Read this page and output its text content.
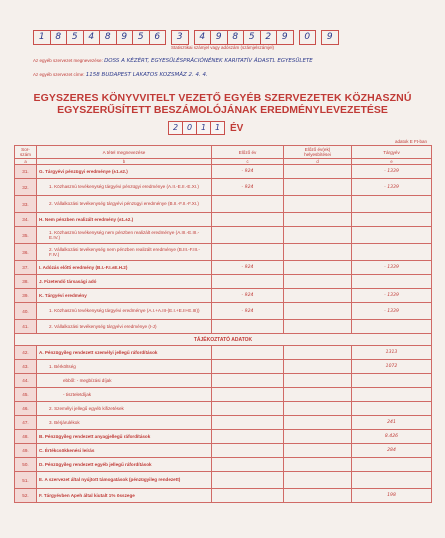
1	8	5	4	8	9	5	6	3	4	9	8	5	2	9	0	9
Statisztikai számjel vagy adószám (számjelszámjel)
Az egyéb szervezet megnevezése: DOSS A KÉZÉRT, EGYESÜLÉSPRÁCIÓNÉNEK KARITATÍV ÁDASTL EGYESÜLETE
Az egyéb szervezet címe: 1158 BUDAPEST LAKATOS KOZSMÁZ 2. 4. 4.
EGYSZERES KÖNYVVITELT VEZETŐ EGYÉB SZERVEZETEK KÖZHASZNÚ
EGYSZERŰSÍTETT BESZÁMOLÓJÁNAK EREDMÉNYLEVEZETÉSE
2	0	1	1 ÉV
adatok E Ft-ban
Sor-
szám	A tétel megnevezése	Előző év	Előző év(ek)
helyesbítései	Tárgyév
a	b	c	d	e
31.	G. Tárgyévi pénzügyi eredménye (±1.±2.)	- 924		- 1339
32.	1. Közhasznú tevékenység tárgyévi pénzügyi eredménye (A.II.-E.II.-E.XI.)	- 924		- 1339
33.	2. Vállalkozási tevékenység tárgyévi pénzügyi eredménye (B.II.-F.II.-F.XI.)			
34.	H. Nem pénzben realizált eredmény (±1.±2.)			
35.	1. Közhasznú tevékenység nem pénzben realizált eredménye (A.III.-E.III.-E.IV.)			
36.	2. Vállalkozási tevékenység nem pénzben realizált eredménye (B.III.-F.III.-F.IV.)			
37.	I. Adózás előtti eredmény (B.I.-F.I.±E.H.2)	- 924		- 1339
38.	J. Fizetendő társasági adó			
39.	K. Tárgyévi eredmény	- 924		- 1339
40.	1. Közhasznú tevékenység tárgyévi eredménye (A.I.+A.III-(E.I.+E.II+E.III))	- 924		- 1339
41.	2. Vállalkozási tevékenység tárgyévi eredménye (I-J)			
TÁJÉKOZTATÓ ADATOK				
42.	A. Pénzügyileg rendezett személyi jellegű ráfordítások			1313
43.	1. Bérköltség			1072
44.	ebből: - megbízási díjak			
45.	- tiszteletdíjak			
46.	2. Személyi jellegű egyéb kifizetések			
47.	3. Bérjárulékok			241
48.	B. Pénzügyileg rendezett anyagjellegű ráfordítások			8.426
49.	C. Értékcsökkenési leírás			284
50.	D. Pénzügyileg rendezett egyéb jellegű ráfordítások			
51.	E. A szervezet által nyújtott támogatások (pénzügyileg rendezett)			
52.	F. Tárgyévben Apeh által kiutalt 1% összege			198
